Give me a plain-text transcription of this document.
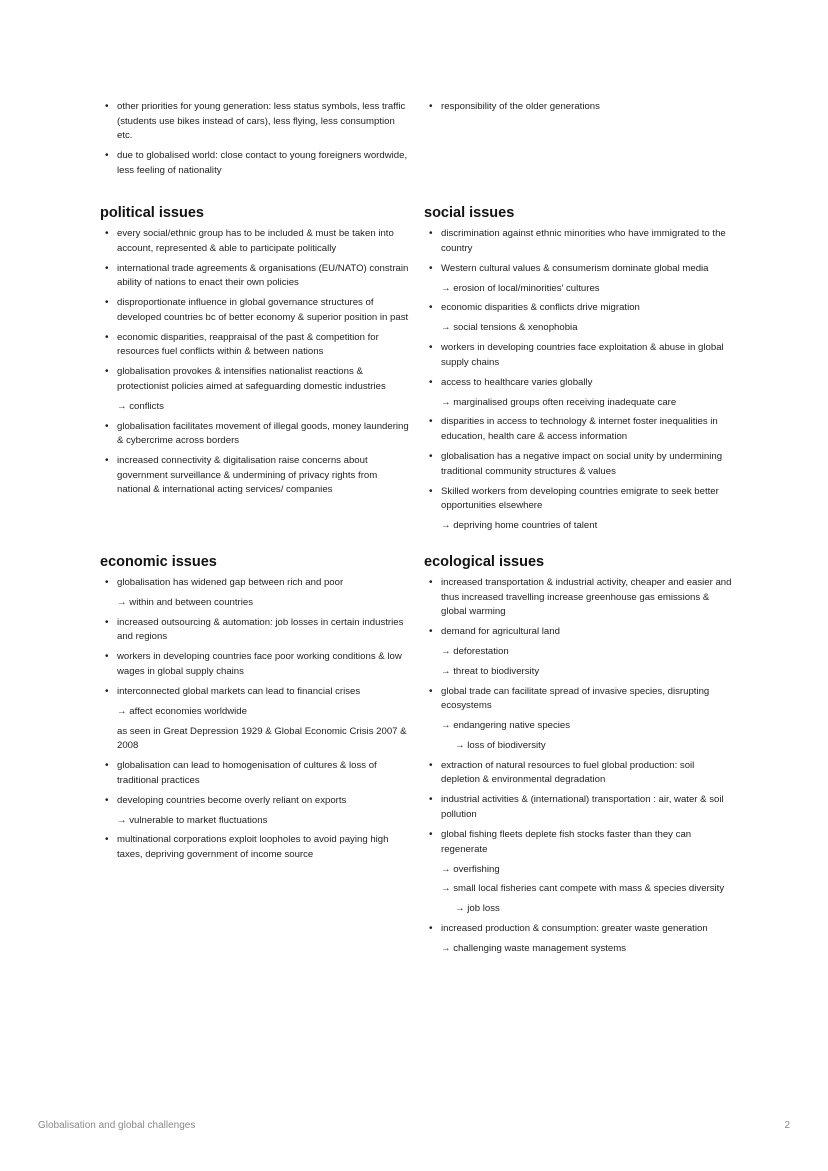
• other priorities for young generation: less status symbols, less traffic (students use bikes instead of cars), less flying, less consumption etc.
• due to globalised world: close contact to young foreigners wordwide, less feeling of nationality
• responsibility of the older generations
political issues
• every social/ethnic group has to be included & must be taken into account, represented & able to participate politically
• international trade agreements & organisations (EU/NATO) constrain ability of nations to enact their own policies
• disproportionate influence in global governance structures of developed countries bc of better economy & superior position in past
• economic disparities, reappraisal of the past & competition for resources fuel conflicts within & between nations
• globalisation provokes & intensifies nationalist reactions & protectionist policies aimed at safeguarding domestic industries
→ conflicts
• globalisation facilitates movement of illegal goods, money laundering & cybercrime across borders
• increased connectivity & digitalisation raise concerns about government surveillance & undermining of privacy rights from national & international acting services/ companies
social issues
• discrimination against ethnic minorities who have immigrated to the country
• Western cultural values & consumerism dominate global media
→ erosion of local/minorities' cultures
• economic disparities & conflicts drive migration
→ social tensions & xenophobia
• workers in developing countries face exploitation & abuse in global supply chains
• access to healthcare varies globally
→ marginalised groups often receiving inadequate care
• disparities in access to technology & internet foster inequalities in education, health care & access information
• globalisation has a negative impact on social unity by undermining traditional community structures & values
• Skilled workers from developing countries emigrate to seek better opportunities elsewhere
→ depriving home countries of talent
economic issues
• globalisation has widened gap between rich and poor
→ within and between countries
• increased outsourcing & automation: job losses in certain industries and regions
• workers in developing countries face poor working conditions & low wages in global supply chains
• interconnected global markets can lead to financial crises
→ affect economies worldwide
as seen in Great Depression 1929 & Global Economic Crisis 2007 & 2008
• globalisation can lead to homogenisation of cultures & loss of traditional practices
• developing countries become overly reliant on exports
→ vulnerable to market fluctuations
• multinational corporations exploit loopholes to avoid paying high taxes, depriving government of income source
ecological issues
• increased transportation & industrial activity, cheaper and easier and thus increased travelling increase greenhouse gas emissions & global warming
• demand for agricultural land
→ deforestation
→ threat to biodiversity
• global trade can facilitate spread of invasive species, disrupting ecosystems
→ endangering native species
→ loss of biodiversity
• extraction of natural resources to fuel global production: soil depletion & environmental degradation
• industrial activities & (international) transportation : air, water & soil pollution
• global fishing fleets deplete fish stocks faster than they can regenerate
→ overfishing
→ small local fisheries cant compete with mass & species diversity
→ job loss
• increased production & consumption: greater waste generation
→ challenging waste management systems
Globalisation and global challenges	2
